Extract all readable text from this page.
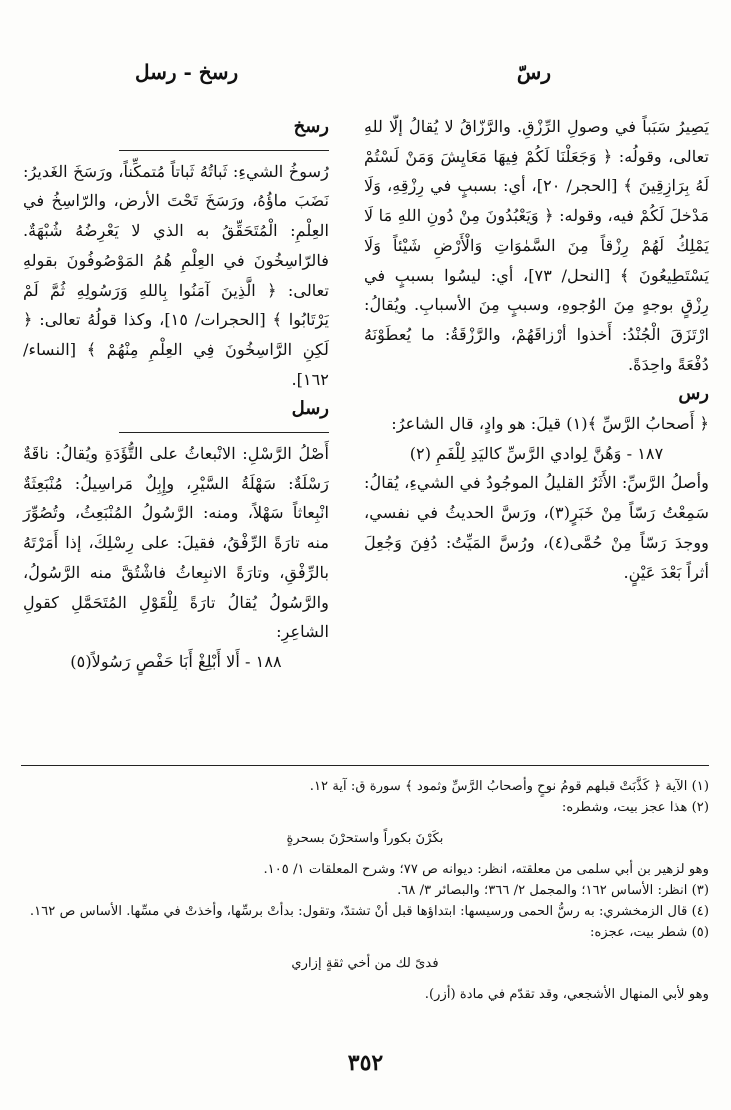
رسّ
رسخ - رسل

يَصِيرُ سَبَباً في وصولِ الرِّزْقِ. والرَّزّاقُ لا يُقالُ إلّا للهِ تعالى، وقولُه: ﴿ وَجَعَلْنَا لَكُمْ فِيهَا مَعَايِشَ وَمَنْ لَسْتُمْ لَهُ بِرَازِقِينَ ﴾ [الحجر/ ٢٠]، أي: بسببٍ في رِزْقِهِ، وَلَا مَدْخلَ لَكُمْ فيه، وقوله: ﴿ وَيَعْبُدُونَ مِنْ دُونِ اللهِ مَا لَا يَمْلِكُ لَهُمْ رِزْقاً مِنَ السَّمٰوَاتِ وَالْأَرْضِ شَيْئاً وَلَا يَسْتَطِيعُونَ ﴾ [النحل/ ٧٣]، أي: ليسُوا بسببٍ في رِزْقٍ بوجهٍ مِنَ الوُجوهِ، وسببٍ مِنَ الأسبابِ. ويُقالُ: ارْتَزَقَ الْجُنْدُ: أَخذوا أرْزاقَهُمْ، والرَّزْقَةُ: ما يُعطَوْنَهُ دُفْعَةً واحِدَةً.

رس

﴿ أَصحابُ الرَّسِّ ﴾(١) قيلَ: هو وادٍ، قال الشاعرُ:

١٨٧ - وَهُنَّ لِوادي الرَّسِّ كاليَدِ لِلْفَمِ (٢)

وأصلُ الرَّسِّ: الأَثَرُ القليلُ الموجُودُ في الشيءِ، يُقالُ: سَمِعْتُ رَسّاً مِنْ خَبَرٍ(٣)، ورَسَّ الحديثُ في نفسي، ووجدَ رَسّاً مِنْ حُمَّى(٤)، ورُسَّ المَيِّتُ: دُفِنَ وَجُعِلَ أثراً بَعْدَ عَيْنٍ.

رسخ

رُسوخُ الشيءِ: ثَباتُهُ ثَباتاً مُتمكِّناً، ورَسَخَ الغَديرُ: نَضَبَ ماؤُهُ، ورَسَخَ تَحْتَ الأرض، والرّاسِخُ في العِلْمِ: الْمُتَحَقِّقُ به الذي لا يَعْرِضُهُ شُبْهَةٌ. فالرّاسِخُونَ في العِلْمِ هُمُ المَوْصُوفُونَ بقولهِ تعالى: ﴿ الَّذِينَ آمَنُوا بِاللهِ وَرَسُولِهِ ثُمَّ لَمْ يَرْتَابُوا ﴾ [الحجرات/ ١٥]، وكذا قولُهُ تعالى: ﴿ لَكِنِ الرَّاسِخُونَ فِي العِلْمِ مِنْهُمْ ﴾ [النساء/ ١٦٢].

رسل

أَصْلُ الرَّسْلِ: الانْبعاثُ على التُّؤَدَةِ ويُقالُ: ناقَةٌ رَسْلَةٌ: سَهْلَةُ السَّيْرِ، وإِبِلٌ مَراسِيلُ: مُنْبَعِثَةٌ انْبِعاثاً سَهْلاً، ومنه: الرَّسُولُ المُنْبَعِثُ، وتُصُوِّرَ منه تارَةً الرِّفْقُ، فقيلَ: على رِسْلِكَ، إذا أَمَرْتَهُ بالرِّفْقِ، وتارَةً الانبِعاثُ فاشْتُقَّ منه الرَّسُولُ، والرَّسُولُ يُقالُ تارَةً لِلْقَوْلِ المُتَحَمَّلِ كقولِ الشاعِرِ:

١٨٨ - أَلا أَبْلِغْ أَبَا حَفْصٍ رَسُولاً(٥)

(١) الآية ﴿ كَذَّبَتْ قبلهم قومُ نوحٍ وأصحابُ الرَّسِّ وثمود ﴾ سورة ق: آية ١٢.

(٢) هذا عجز بيت، وشطره:

بكَرْنَ بكوراً واستحرْنَ بسحرةٍ

وهو لزهير بن أبي سلمى من معلقته، انظر: ديوانه ص ٧٧؛ وشرح المعلقات ١/ ١٠٥.

(٣) انظر: الأساس ١٦٢؛ والمجمل ٢/ ٣٦٦؛ والبصائر ٣/ ٦٨.

(٤) قال الزمخشري: به رسُّ الحمى ورسيسها: ابتداؤها قبل أنْ تشتدّ، وتقول: بدأتْ برسِّها، وأخذتْ في مسِّها. الأساس ص ١٦٢.

(٥) شطر بيت، عجزه:

فدىً لك من أخي ثقةٍ إزاري

وهو لأبي المنهال الأشجعي، وقد تقدّم في مادة (أزر).

٣٥٢
